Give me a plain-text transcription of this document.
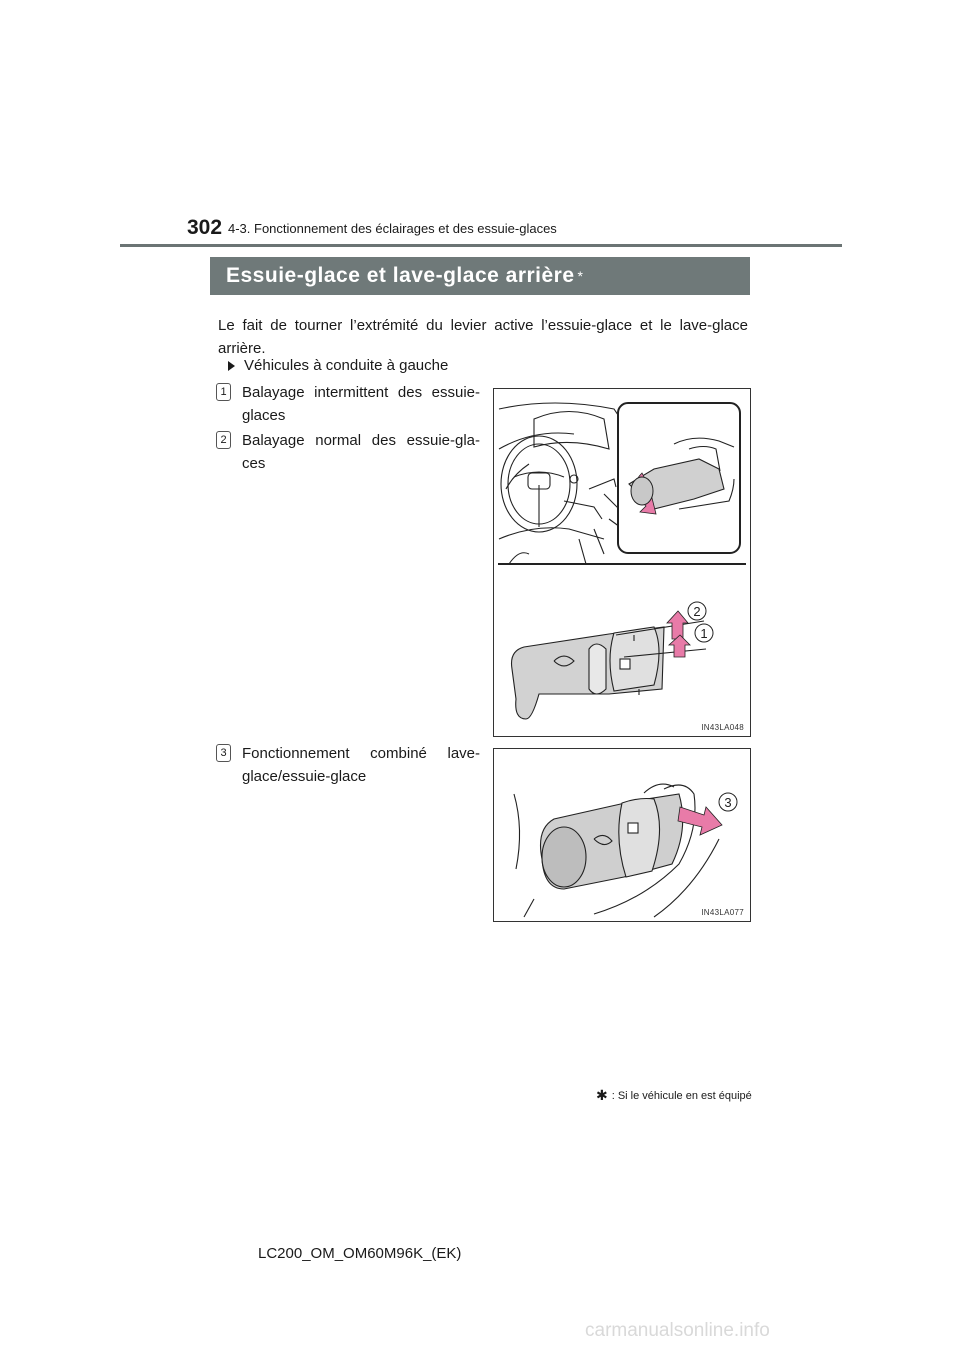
302 4-3. Fonctionnement des éclairages et des essuie-glaces
Essuie-glace et lave-glace arrière *
Le fait de tourner l’extrémité du levier active l’essuie-glace et le lave-glace arrière.
Véhicules à conduite à gauche
1 Balayage intermittent des essuie-glaces
2 Balayage normal des essuie-gla-ces
3 Fonctionnement combiné lave-glace/essuie-glace
2
1
IN43LA048
3
IN43LA077
✱ : Si le véhicule en est équipé
LC200_OM_OM60M96K_(EK)
carmanualsonline.info
